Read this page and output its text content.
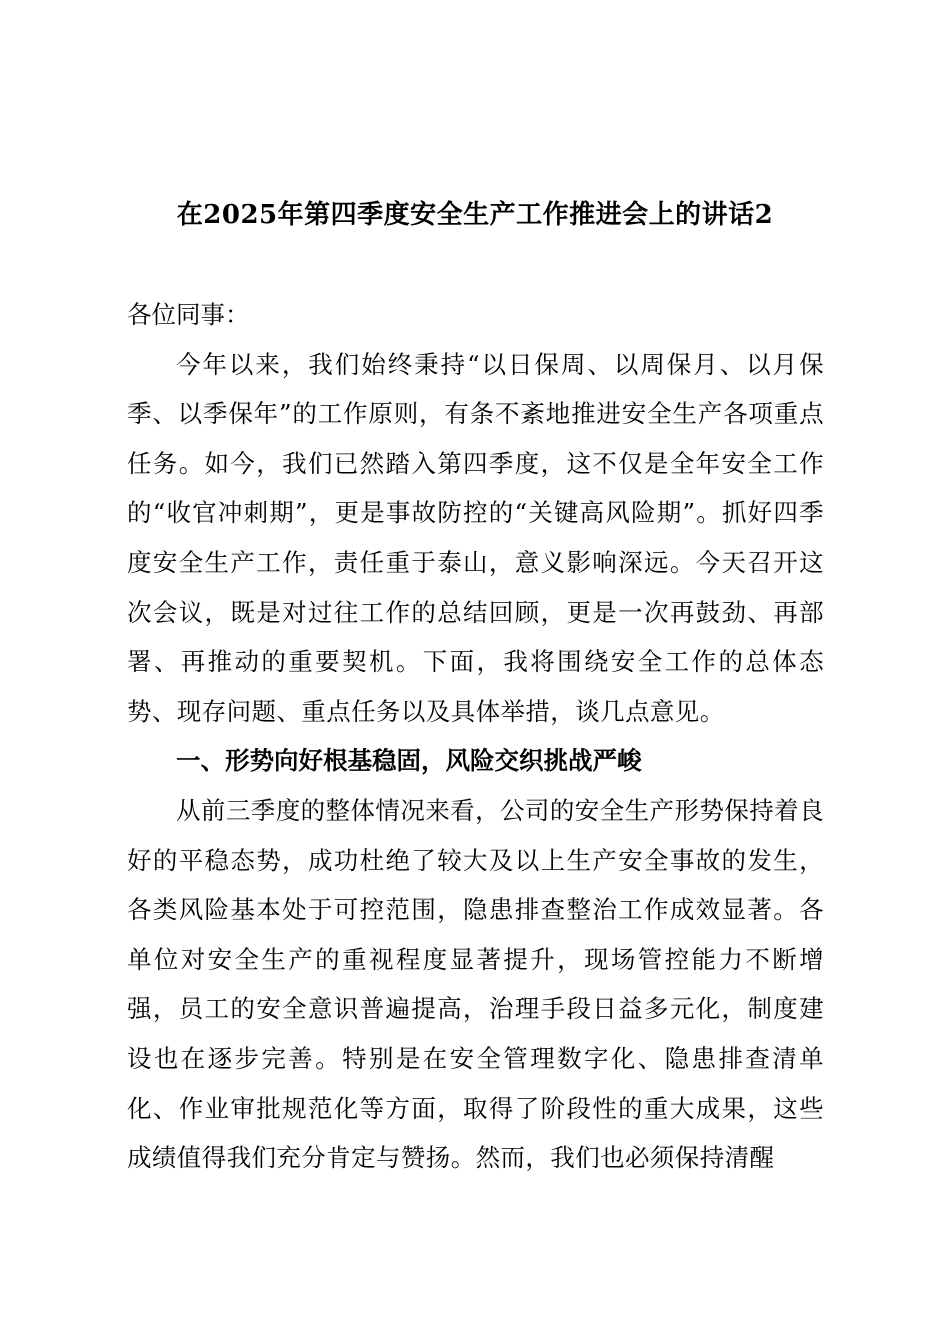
在2025年第四季度安全生产工作推进会上的讲话2

各位同事：

今年以来，我们始终秉持“以日保周、以周保月、以月保季、以季保年”的工作原则，有条不紊地推进安全生产各项重点任务。如今，我们已然踏入第四季度，这不仅是全年安全工作的“收官冲刺期”，更是事故防控的“关键高风险期”。抓好四季度安全生产工作，责任重于泰山，意义影响深远。今天召开这次会议，既是对过往工作的总结回顾，更是一次再鼓劲、再部署、再推动的重要契机。下面，我将围绕安全工作的总体态势、现存问题、重点任务以及具体举措，谈几点意见。

一、形势向好根基稳固，风险交织挑战严峻

从前三季度的整体情况来看，公司的安全生产形势保持着良好的平稳态势，成功杜绝了较大及以上生产安全事故的发生，各类风险基本处于可控范围，隐患排查整治工作成效显著。各单位对安全生产的重视程度显著提升，现场管控能力不断增强，员工的安全意识普遍提高，治理手段日益多元化，制度建设也在逐步完善。特别是在安全管理数字化、隐患排查清单化、作业审批规范化等方面，取得了阶段性的重大成果，这些成绩值得我们充分肯定与赞扬。然而，我们也必须保持清醒
